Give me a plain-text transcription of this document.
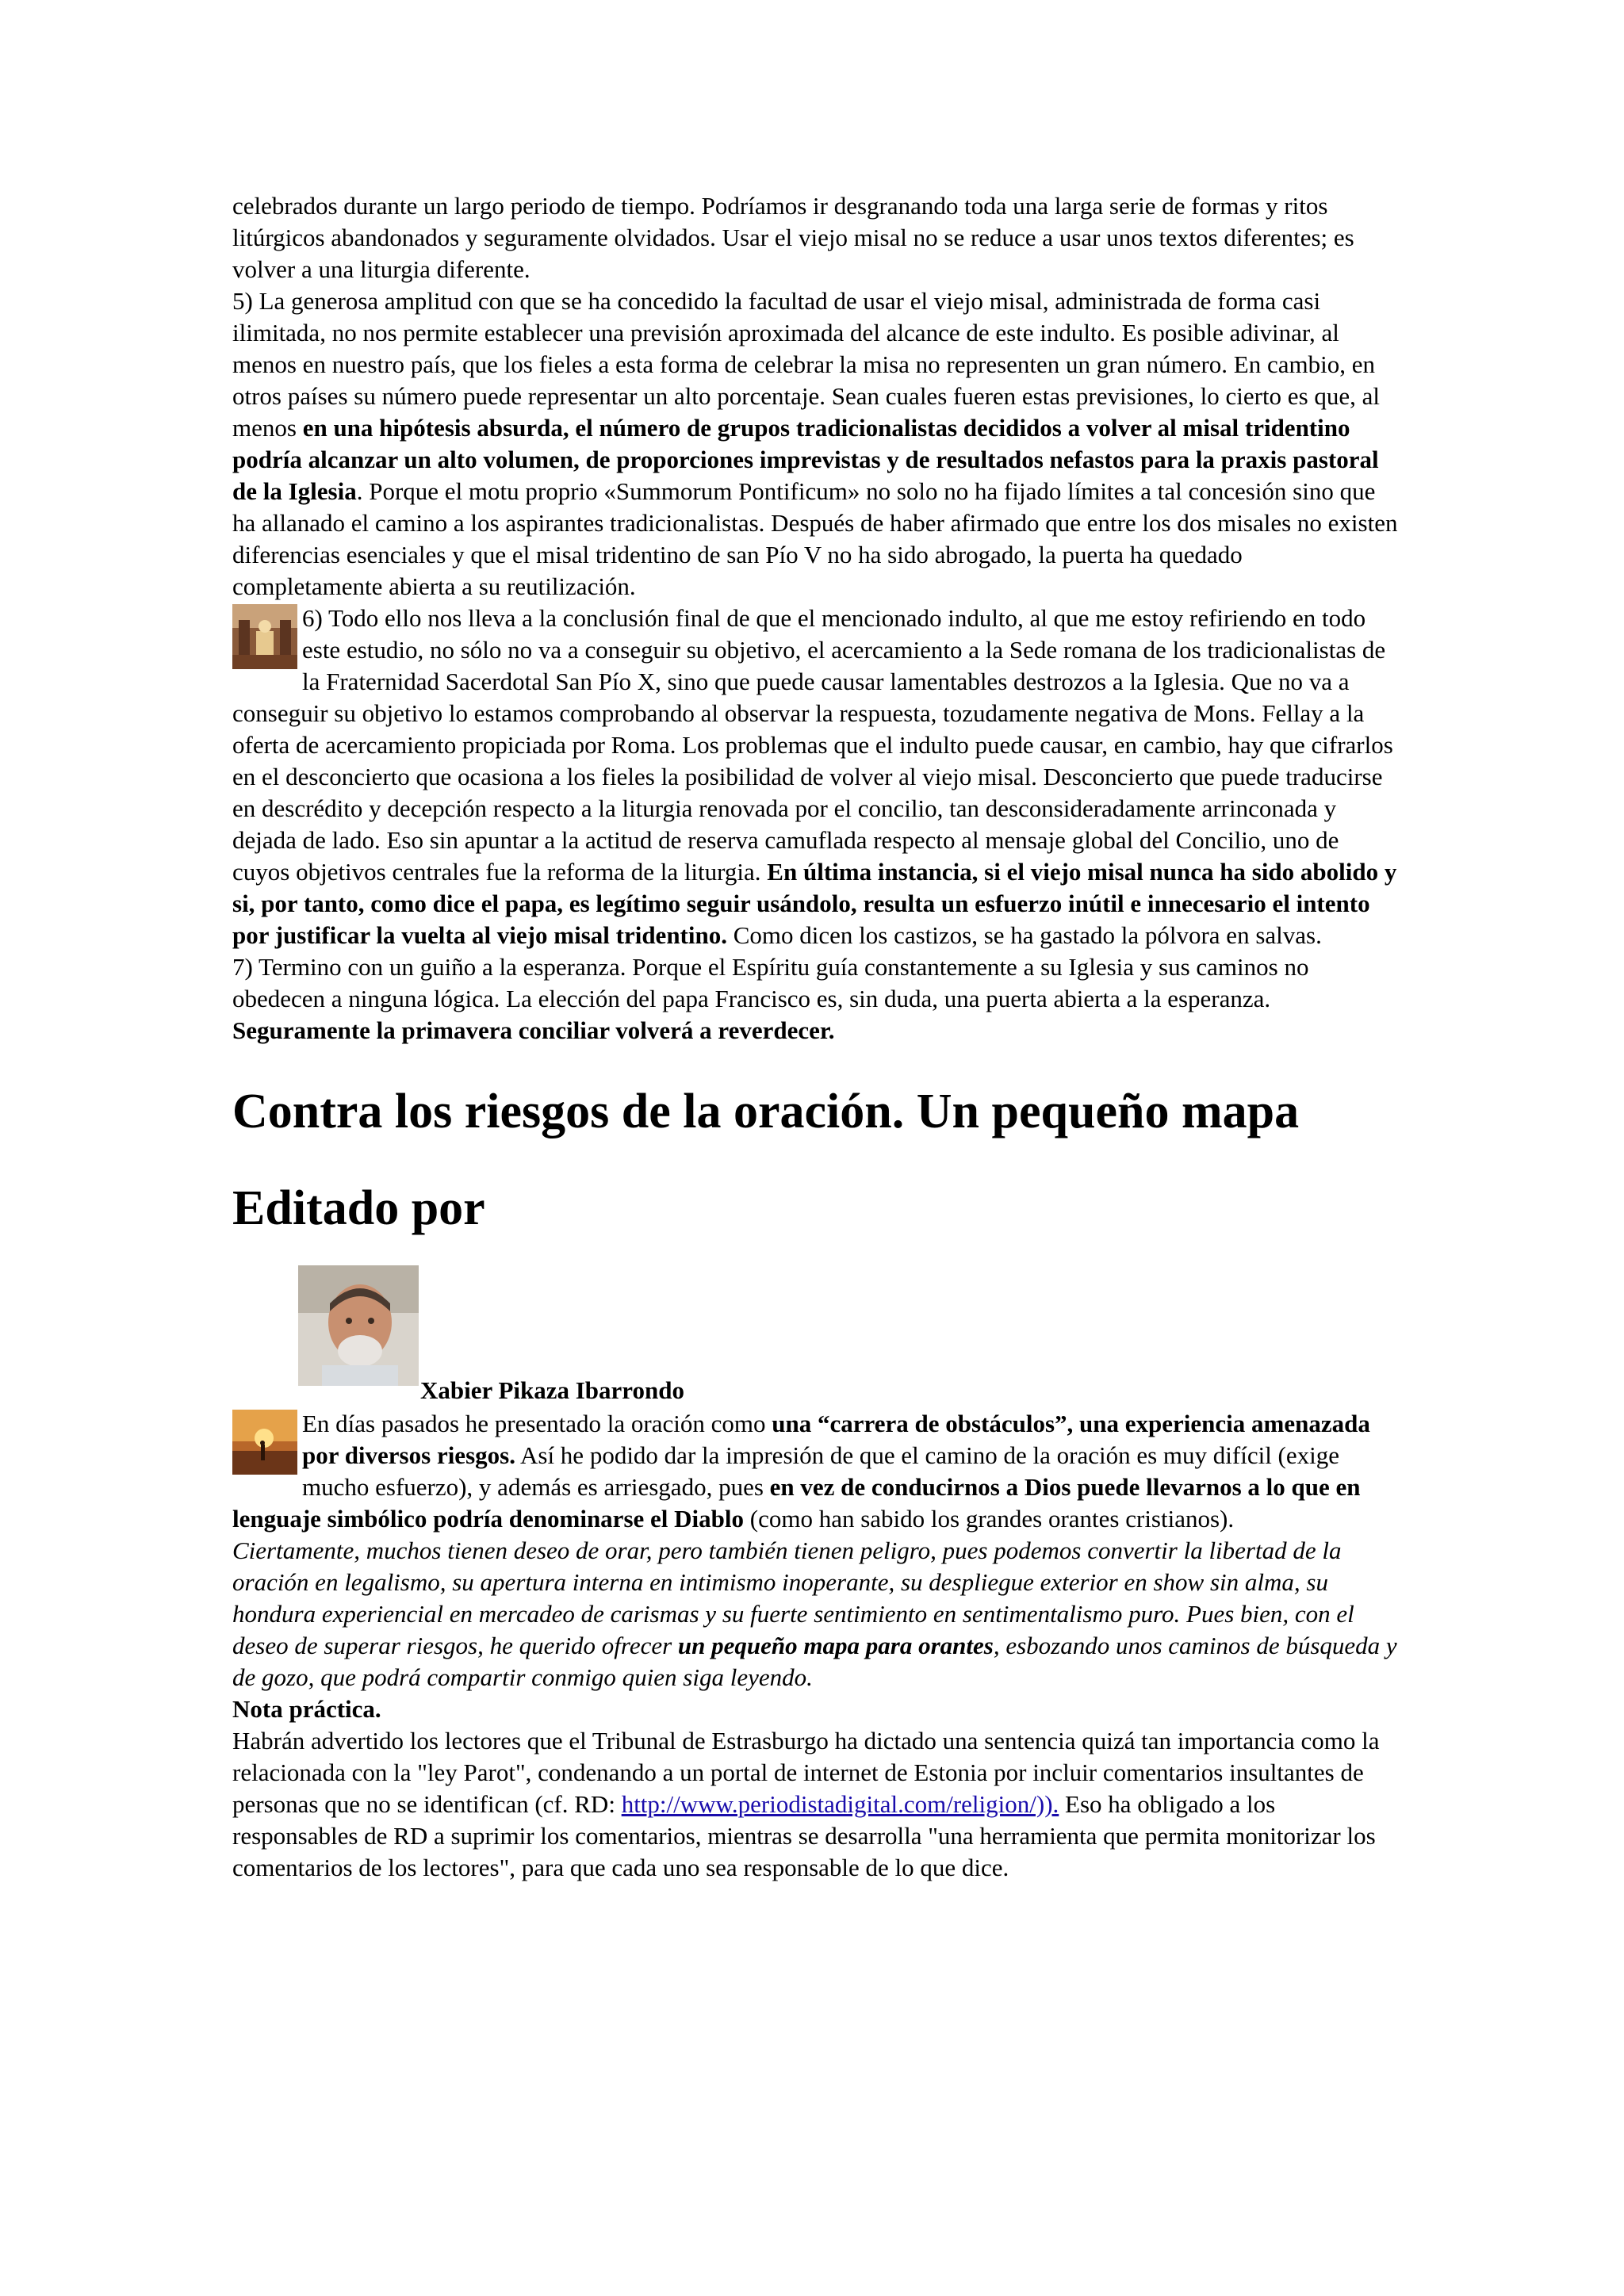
celebrados durante un largo periodo de tiempo. Podríamos ir desgranando toda una larga serie de formas y ritos litúrgicos abandonados y seguramente olvidados. Usar el viejo misal no se reduce a usar unos textos diferentes; es volver a una liturgia diferente.

5) La generosa amplitud con que se ha concedido la facultad de usar el viejo misal, administrada de forma casi ilimitada, no nos permite establecer una previsión aproximada del alcance de este indulto. Es posible adivinar, al menos en nuestro país, que los fieles a esta forma de celebrar la misa no representen un gran número. En cambio, en otros países su número puede representar un alto porcentaje. Sean cuales fueren estas previsiones, lo cierto es que, al menos en una hipótesis absurda, el número de grupos tradicionalistas decididos a volver al misal tridentino podría alcanzar un alto volumen, de proporciones imprevistas y de resultados nefastos para la praxis pastoral de la Iglesia. Porque el motu proprio «Summorum Pontificum» no solo no ha fijado límites a tal concesión sino que ha allanado el camino a los aspirantes tradicionalistas. Después de haber afirmado que entre los dos misales no existen diferencias esenciales y que el misal tridentino de san Pío V no ha sido abrogado, la puerta ha quedado completamente abierta a su reutilización.

6) Todo ello nos lleva a la conclusión final de que el mencionado indulto, al que me estoy refiriendo en todo este estudio, no sólo no va a conseguir su objetivo, el acercamiento a la Sede romana de los tradicionalistas de la Fraternidad Sacerdotal San Pío X, sino que puede causar lamentables destrozos a la Iglesia. Que no va a conseguir su objetivo lo estamos comprobando al observar la respuesta, tozudamente negativa de Mons. Fellay a la oferta de acercamiento propiciada por Roma. Los problemas que el indulto puede causar, en cambio, hay que cifrarlos en el desconcierto que ocasiona a los fieles la posibilidad de volver al viejo misal. Desconcierto que puede traducirse en descrédito y decepción respecto a la liturgia renovada por el concilio, tan desconsideradamente arrinconada y dejada de lado. Eso sin apuntar a la actitud de reserva camuflada respecto al mensaje global del Concilio, uno de cuyos objetivos centrales fue la reforma de la liturgia. En última instancia, si el viejo misal nunca ha sido abolido y si, por tanto, como dice el papa, es legítimo seguir usándolo, resulta un esfuerzo inútil e innecesario el intento por justificar la vuelta al viejo misal tridentino. Como dicen los castizos, se ha gastado la pólvora en salvas.

7) Termino con un guiño a la esperanza. Porque el Espíritu guía constantemente a su Iglesia y sus caminos no obedecen a ninguna lógica. La elección del papa Francisco es, sin duda, una puerta abierta a la esperanza. Seguramente la primavera conciliar volverá a reverdecer.

Contra los riesgos de la oración. Un pequeño mapa
Editado por
Xabier Pikaza Ibarrondo

En días pasados he presentado la oración como una “carrera de obstáculos”, una experiencia amenazada por diversos riesgos. Así he podido dar la impresión de que el camino de la oración es muy difícil (exige mucho esfuerzo), y además es arriesgado, pues en vez de conducirnos a Dios puede llevarnos a lo que en lenguaje simbólico podría denominarse el Diablo (como han sabido los grandes orantes cristianos).

Ciertamente, muchos tienen deseo de orar, pero también tienen peligro, pues podemos convertir la libertad de la oración en legalismo, su apertura interna en intimismo inoperante, su despliegue exterior en show sin alma, su hondura experiencial en mercadeo de carismas y su fuerte sentimiento en sentimentalismo puro. Pues bien, con el deseo de superar riesgos, he querido ofrecer un pequeño mapa para orantes, esbozando unos caminos de búsqueda y de gozo, que podrá compartir conmigo quien siga leyendo.

Nota práctica.

Habrán advertido los lectores que el Tribunal de Estrasburgo ha dictado una sentencia quizá tan importancia como la relacionada con la "ley Parot", condenando a un portal de internet de Estonia por incluir comentarios insultantes de personas que no se identifican (cf. RD: http://www.periodistadigital.com/religion/)). Eso ha obligado a los responsables de RD a suprimir los comentarios, mientras se desarrolla "una herramienta que permita monitorizar los comentarios de los lectores", para que cada uno sea responsable de lo que dice.
